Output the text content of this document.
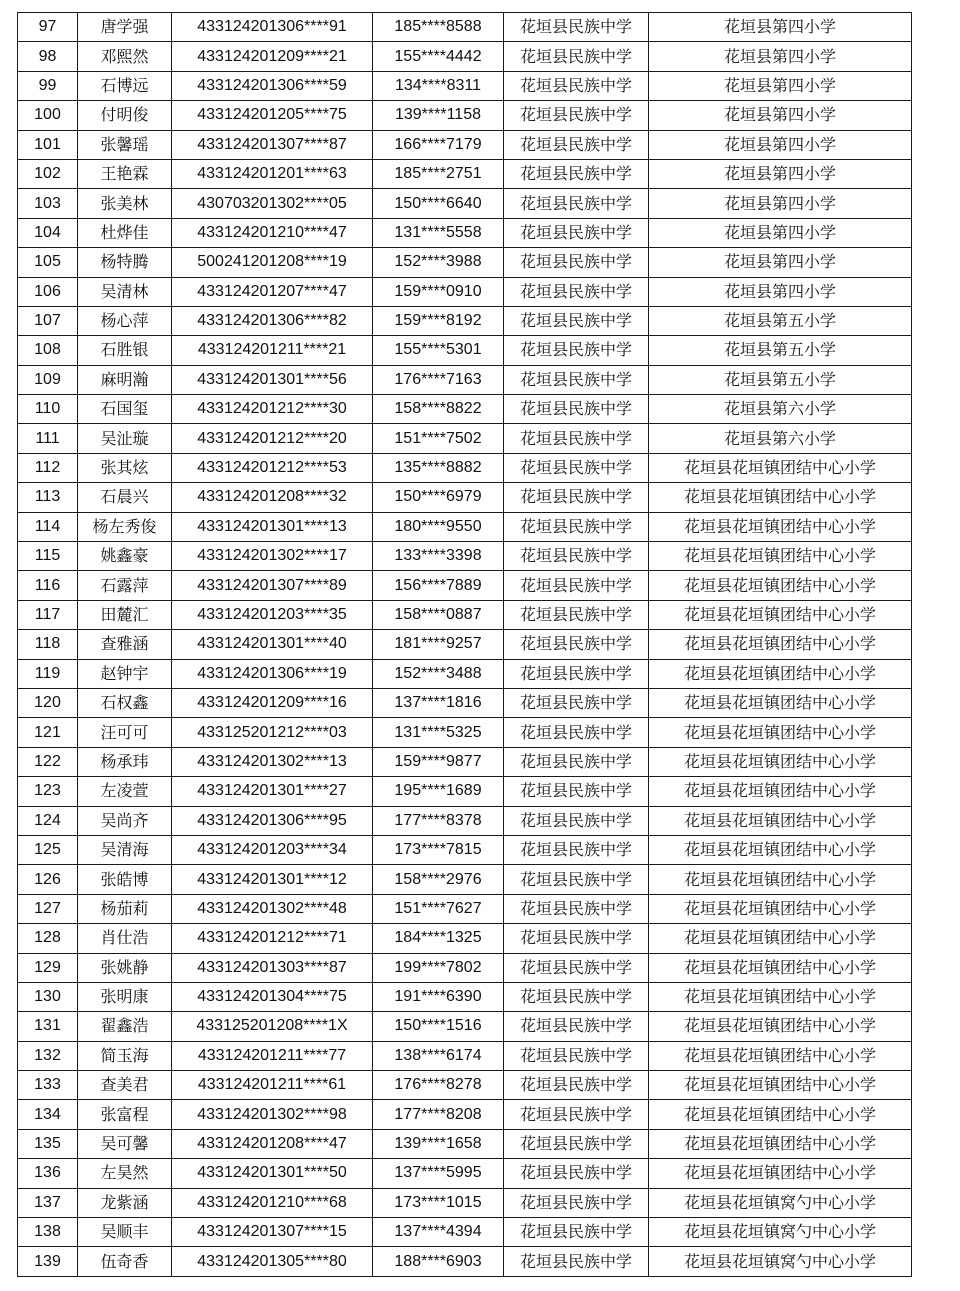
97	唐学强	433124201306****91	185****8588	花垣县民族中学	花垣县第四小学
98	邓熙然	433124201209****21	155****4442	花垣县民族中学	花垣县第四小学
99	石博远	433124201306****59	134****8311	花垣县民族中学	花垣县第四小学
100	付明俊	433124201205****75	139****1158	花垣县民族中学	花垣县第四小学
101	张馨瑶	433124201307****87	166****7179	花垣县民族中学	花垣县第四小学
102	王艳霖	433124201201****63	185****2751	花垣县民族中学	花垣县第四小学
103	张美林	430703201302****05	150****6640	花垣县民族中学	花垣县第四小学
104	杜烨佳	433124201210****47	131****5558	花垣县民族中学	花垣县第四小学
105	杨特腾	500241201208****19	152****3988	花垣县民族中学	花垣县第四小学
106	吴清林	433124201207****47	159****0910	花垣县民族中学	花垣县第四小学
107	杨心萍	433124201306****82	159****8192	花垣县民族中学	花垣县第五小学
108	石胜银	433124201211****21	155****5301	花垣县民族中学	花垣县第五小学
109	麻明瀚	433124201301****56	176****7163	花垣县民族中学	花垣县第五小学
110	石国玺	433124201212****30	158****8822	花垣县民族中学	花垣县第六小学
111	吴沚璇	433124201212****20	151****7502	花垣县民族中学	花垣县第六小学
112	张其炫	433124201212****53	135****8882	花垣县民族中学	花垣县花垣镇团结中心小学
113	石晨兴	433124201208****32	150****6979	花垣县民族中学	花垣县花垣镇团结中心小学
114	杨左秀俊	433124201301****13	180****9550	花垣县民族中学	花垣县花垣镇团结中心小学
115	姚鑫豪	433124201302****17	133****3398	花垣县民族中学	花垣县花垣镇团结中心小学
116	石露萍	433124201307****89	156****7889	花垣县民族中学	花垣县花垣镇团结中心小学
117	田麓汇	433124201203****35	158****0887	花垣县民族中学	花垣县花垣镇团结中心小学
118	查雅涵	433124201301****40	181****9257	花垣县民族中学	花垣县花垣镇团结中心小学
119	赵钟宇	433124201306****19	152****3488	花垣县民族中学	花垣县花垣镇团结中心小学
120	石权鑫	433124201209****16	137****1816	花垣县民族中学	花垣县花垣镇团结中心小学
121	汪可可	433125201212****03	131****5325	花垣县民族中学	花垣县花垣镇团结中心小学
122	杨承玮	433124201302****13	159****9877	花垣县民族中学	花垣县花垣镇团结中心小学
123	左凌萱	433124201301****27	195****1689	花垣县民族中学	花垣县花垣镇团结中心小学
124	吴尚齐	433124201306****95	177****8378	花垣县民族中学	花垣县花垣镇团结中心小学
125	吴清海	433124201203****34	173****7815	花垣县民族中学	花垣县花垣镇团结中心小学
126	张皓博	433124201301****12	158****2976	花垣县民族中学	花垣县花垣镇团结中心小学
127	杨茄莉	433124201302****48	151****7627	花垣县民族中学	花垣县花垣镇团结中心小学
128	肖仕浩	433124201212****71	184****1325	花垣县民族中学	花垣县花垣镇团结中心小学
129	张姚静	433124201303****87	199****7802	花垣县民族中学	花垣县花垣镇团结中心小学
130	张明康	433124201304****75	191****6390	花垣县民族中学	花垣县花垣镇团结中心小学
131	翟鑫浩	433125201208****1X	150****1516	花垣县民族中学	花垣县花垣镇团结中心小学
132	简玉海	433124201211****77	138****6174	花垣县民族中学	花垣县花垣镇团结中心小学
133	查美君	433124201211****61	176****8278	花垣县民族中学	花垣县花垣镇团结中心小学
134	张富程	433124201302****98	177****8208	花垣县民族中学	花垣县花垣镇团结中心小学
135	吴可馨	433124201208****47	139****1658	花垣县民族中学	花垣县花垣镇团结中心小学
136	左昊然	433124201301****50	137****5995	花垣县民族中学	花垣县花垣镇团结中心小学
137	龙紫涵	433124201210****68	173****1015	花垣县民族中学	花垣县花垣镇窝勺中心小学
138	吴顺丰	433124201307****15	137****4394	花垣县民族中学	花垣县花垣镇窝勺中心小学
139	伍奇香	433124201305****80	188****6903	花垣县民族中学	花垣县花垣镇窝勺中心小学
